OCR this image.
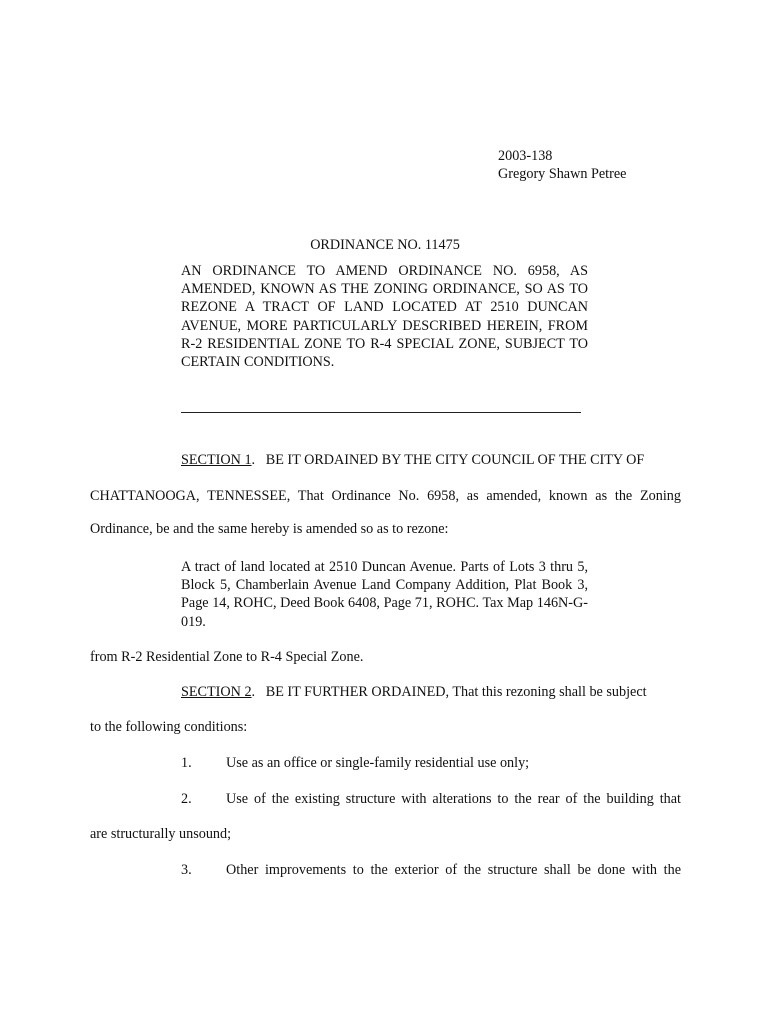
2003-138
Gregory Shawn Petree
ORDINANCE NO. 11475
AN ORDINANCE TO AMEND ORDINANCE NO. 6958, AS AMENDED, KNOWN AS THE ZONING ORDINANCE, SO AS TO REZONE A TRACT OF LAND LOCATED AT 2510 DUNCAN AVENUE, MORE PARTICULARLY DESCRIBED HEREIN, FROM R-2 RESIDENTIAL ZONE TO R-4 SPECIAL ZONE, SUBJECT TO CERTAIN CONDITIONS.
SECTION 1.   BE IT ORDAINED BY THE CITY COUNCIL OF THE CITY OF
CHATTANOOGA, TENNESSEE, That Ordinance No. 6958, as amended, known as the Zoning
Ordinance, be and the same hereby is amended so as to rezone:
A tract of land located at 2510 Duncan Avenue. Parts of Lots 3 thru 5, Block 5, Chamberlain Avenue Land Company Addition, Plat Book 3, Page 14, ROHC, Deed Book 6408, Page 71, ROHC. Tax Map 146N-G-019.
from R-2 Residential Zone to R-4 Special Zone.
SECTION 2.   BE IT FURTHER ORDAINED, That this rezoning shall be subject
to the following conditions:
1. Use as an office or single-family residential use only;
2. Use of the existing structure with alterations to the rear of the building that
are structurally unsound;
3. Other improvements to the exterior of the structure shall be done with the
